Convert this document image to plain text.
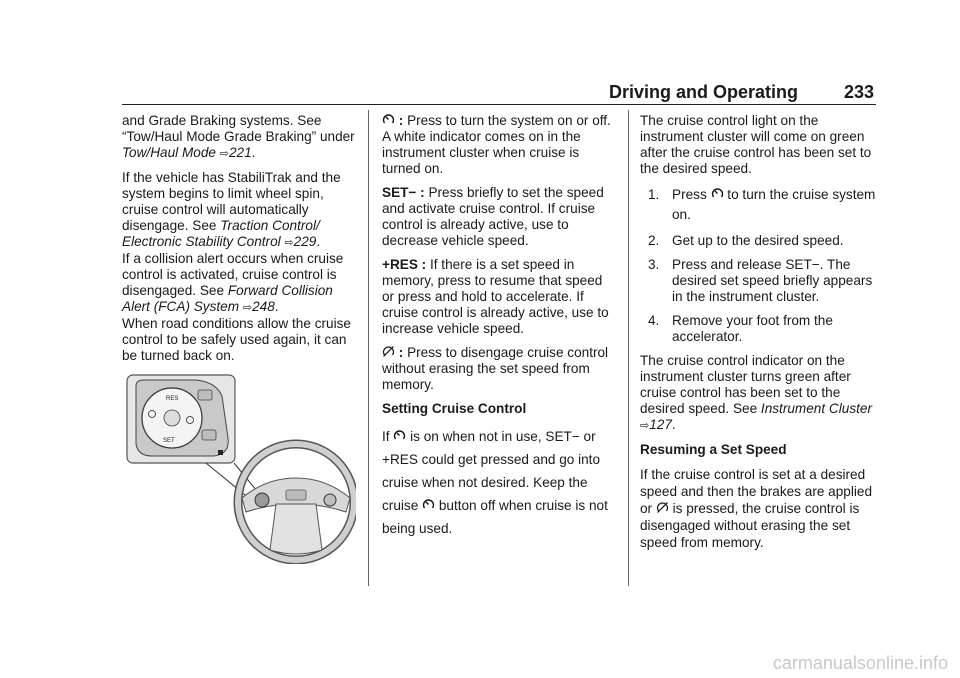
Driving and Operating	233

and Grade Braking systems. See “Tow/Haul Mode Grade Braking” under Tow/Haul Mode ⇨221.

If the vehicle has StabiliTrak and the system begins to limit wheel spin, cruise control will automatically disengage. See Traction Control/ Electronic Stability Control ⇨229.

If a collision alert occurs when cruise control is activated, cruise control is disengaged. See Forward Collision Alert (FCA) System ⇨248.

When road conditions allow the cruise control to be safely used again, it can be turned back on.

RES
SET

: Press to turn the system on or off. A white indicator comes on in the instrument cluster when cruise is turned on.

SET− : Press briefly to set the speed and activate cruise control. If cruise control is already active, use to decrease vehicle speed.

+RES : If there is a set speed in memory, press to resume that speed or press and hold to accelerate. If cruise control is already active, use to increase vehicle speed.

: Press to disengage cruise control without erasing the set speed from memory.

Setting Cruise Control

If
is on when not in use, SET− or +RES could get pressed and go into cruise when not desired. Keep the cruise
button off when cruise is not being used.

The cruise control light on the instrument cluster will come on green after the cruise control has been set to the desired speed.

1. Press
to turn the cruise system on.
2. Get up to the desired speed.
3. Press and release SET−. The desired set speed briefly appears in the instrument cluster.
4. Remove your foot from the accelerator.

The cruise control indicator on the instrument cluster turns green after cruise control has been set to the desired speed. See Instrument Cluster ⇨127.

Resuming a Set Speed

If the cruise control is set at a desired speed and then the brakes are applied or
is pressed, the cruise control is disengaged without erasing the set speed from memory.

carmanualsonline.info
